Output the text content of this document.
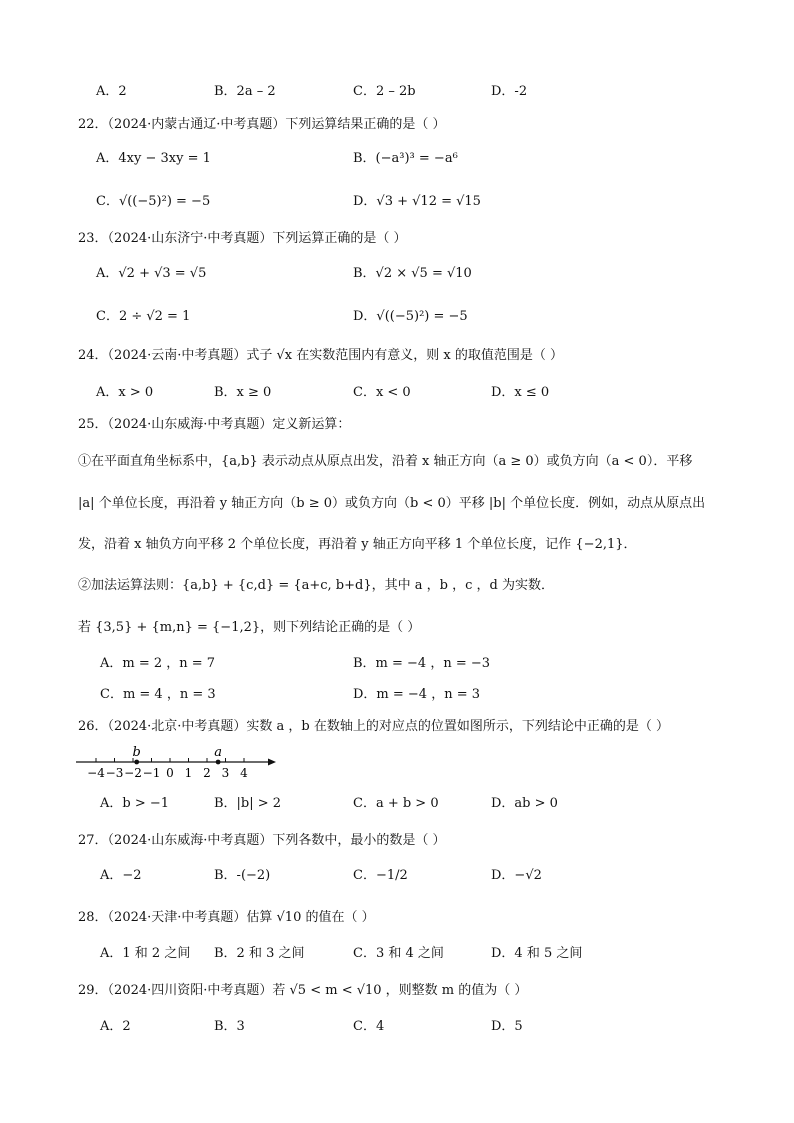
A．2	B．2a – 2	C．2 – 2b	D．-2
22．（2024·内蒙古通辽·中考真题）下列运算结果正确的是（ ）
A．4xy − 3xy = 1	B．(−a³)³ = −a⁶
C．√((−5)²) = −5	D．√3 + √12 = √15
23．（2024·山东济宁·中考真题）下列运算正确的是（ ）
A．√2 + √3 = √5	B．√2 × √5 = √10
C．2 ÷ √2 = 1	D．√((−5)²) = −5
24．（2024·云南·中考真题）式子 √x 在实数范围内有意义，则 x 的取值范围是（ ）
A．x > 0	B．x ≥ 0	C．x < 0	D．x ≤ 0
25．（2024·山东威海·中考真题）定义新运算：
①在平面直角坐标系中，{a,b} 表示动点从原点出发，沿着 x 轴正方向（a ≥ 0）或负方向（a < 0）．平移
|a| 个单位长度，再沿着 y 轴正方向（b ≥ 0）或负方向（b < 0）平移 |b| 个单位长度．例如，动点从原点出
发，沿着 x 轴负方向平移 2 个单位长度，再沿着 y 轴正方向平移 1 个单位长度，记作 {−2,1}．
②加法运算法则：{a,b} + {c,d} = {a+c, b+d}，其中 a ，b ，c ，d 为实数．
若 {3,5} + {m,n} = {−1,2}，则下列结论正确的是（ ）
A．m = 2 ，n = 7	B．m = −4 ，n = −3
C．m = 4 ，n = 3	D．m = −4 ，n = 3
26．（2024·北京·中考真题）实数 a ，b 在数轴上的对应点的位置如图所示，下列结论中正确的是（ ）
−4 −3 −2 −1 0 1 2 3 4
b	a
A．b > −1	B．|b| > 2	C．a + b > 0	D．ab > 0
27．（2024·山东威海·中考真题）下列各数中，最小的数是（ ）
A．−2	B．-(−2)	C．−1/2	D．−√2
28．（2024·天津·中考真题）估算 √10 的值在（ ）
A．1 和 2 之间 B．2 和 3 之间	C．3 和 4 之间	D．4 和 5 之间
29．（2024·四川资阳·中考真题）若 √5 < m < √10 ，则整数 m 的值为（ ）
A．2	B．3	C．4	D．5
